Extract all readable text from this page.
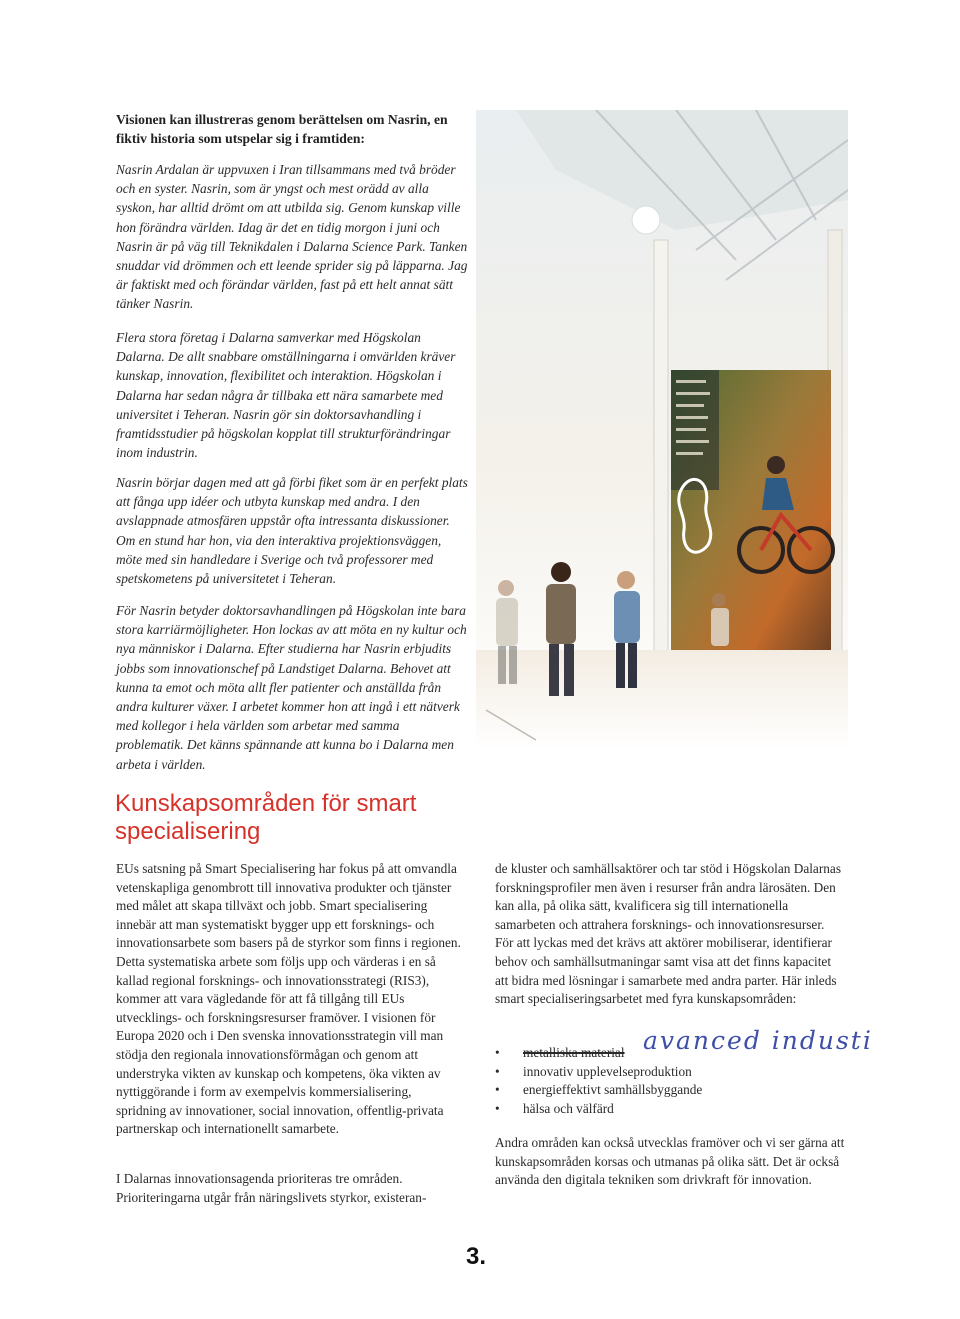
Visionen kan illustreras genom berättelsen om Nasrin, en fiktiv historia som utspelar sig i framtiden:

Nasrin Ardalan är uppvuxen i Iran tillsammans med två bröder och en syster. Nasrin, som är yngst och mest orädd av alla syskon, har alltid drömt om att utbilda sig. Genom kunskap ville hon förändra världen. Idag är det en tidig morgon i juni och Nasrin är på väg till Teknikdalen i Dalarna Science Park. Tanken snuddar vid drömmen och ett leende sprider sig på läpparna. Jag är faktiskt med och förändar världen, fast på ett helt annat sätt tänker Nasrin.

Flera stora företag i Dalarna samverkar med Högskolan Dalarna. De allt snabbare omställningarna i omvärlden kräver kunskap, innovation, flexibilitet och interaktion. Högskolan i Dalarna har sedan några år tillbaka ett nära samarbete med universitet i Teheran. Nasrin gör sin doktorsavhandling i framtidsstudier på högskolan kopplat till strukturförändringar inom industrin.

Nasrin börjar dagen med att gå förbi fiket som är en perfekt plats att fånga upp idéer och utbyta kunskap med andra. I den avslappnade atmosfären uppstår ofta intressanta diskussioner. Om en stund har hon, via den interaktiva projektionsväggen, möte med sin handledare i Sverige och två professorer med spetskometens på universitetet i Teheran.

För Nasrin betyder doktorsavhandlingen på Högskolan inte bara stora karriärmöjligheter. Hon lockas av att möta en ny kultur och nya människor i Dalarna. Efter studierna har Nasrin erbjudits jobbs som innovationschef på Landstiget Dalarna. Behovet att kunna ta emot och möta allt fler patienter och anställda från andra kulturer växer. I arbetet kommer hon att ingå i ett nätverk med kollegor i hela världen som arbetar med samma problematik. Det känns spännande att kunna bo i Dalarna men arbeta i världen.

Kunskapsområden för smart specialisering

EUs satsning på Smart Specialisering har fokus på att omvandla vetenskapliga genombrott till innovativa produkter och tjänster med målet att skapa tillväxt och jobb. Smart specialisering innebär att man systematiskt bygger upp ett forsknings- och innovationsarbete som basers på de styrkor som finns i regionen. Detta systematiska arbete som följs upp och värderas i en så kallad regional forsknings- och innovationsstrategi (RIS3), kommer att vara vägledande för att få tillgång till EUs utvecklings- och forskningsresurser framöver. I visionen för Europa 2020 och i Den svenska innovationsstrategin vill man stödja den regionala innovationsförmågan och genom att understryka vikten av kunskap och kompetens, öka vikten av nyttiggörande i form av exempelvis kommersialisering, spridning av innovationer, social innovation, offentlig-privata partnerskap och internationellt samarbete.

I Dalarnas innovationsagenda prioriteras tre områden. Prioriteringarna utgår från näringslivets styrkor, existeran-

de kluster och samhällsaktörer och tar stöd i Högskolan Dalarnas forskningsprofiler men även i resurser från andra lärosäten. Den kan alla, på olika sätt, kvalificera sig till internationella samarbeten och attrahera forsknings- och innovationsresurser. För att lyckas med det krävs att aktörer mobiliserar, identifierar behov och samhällsutmaningar samt visa att det finns kapacitet att bidra med lösningar i samarbete med andra parter. Här inleds smart specialiseringsarbetet med fyra kunskapsområden:

• metalliska material
• innovativ upplevelseproduktion
• energieffektivt samhällsbyggande
• hälsa och välfärd
avanced industi

Andra områden kan också utvecklas framöver och vi ser gärna att kunskapsområden korsas och utmanas på olika sätt. Det är också använda den digitala tekniken som drivkraft för innovation.

3.
